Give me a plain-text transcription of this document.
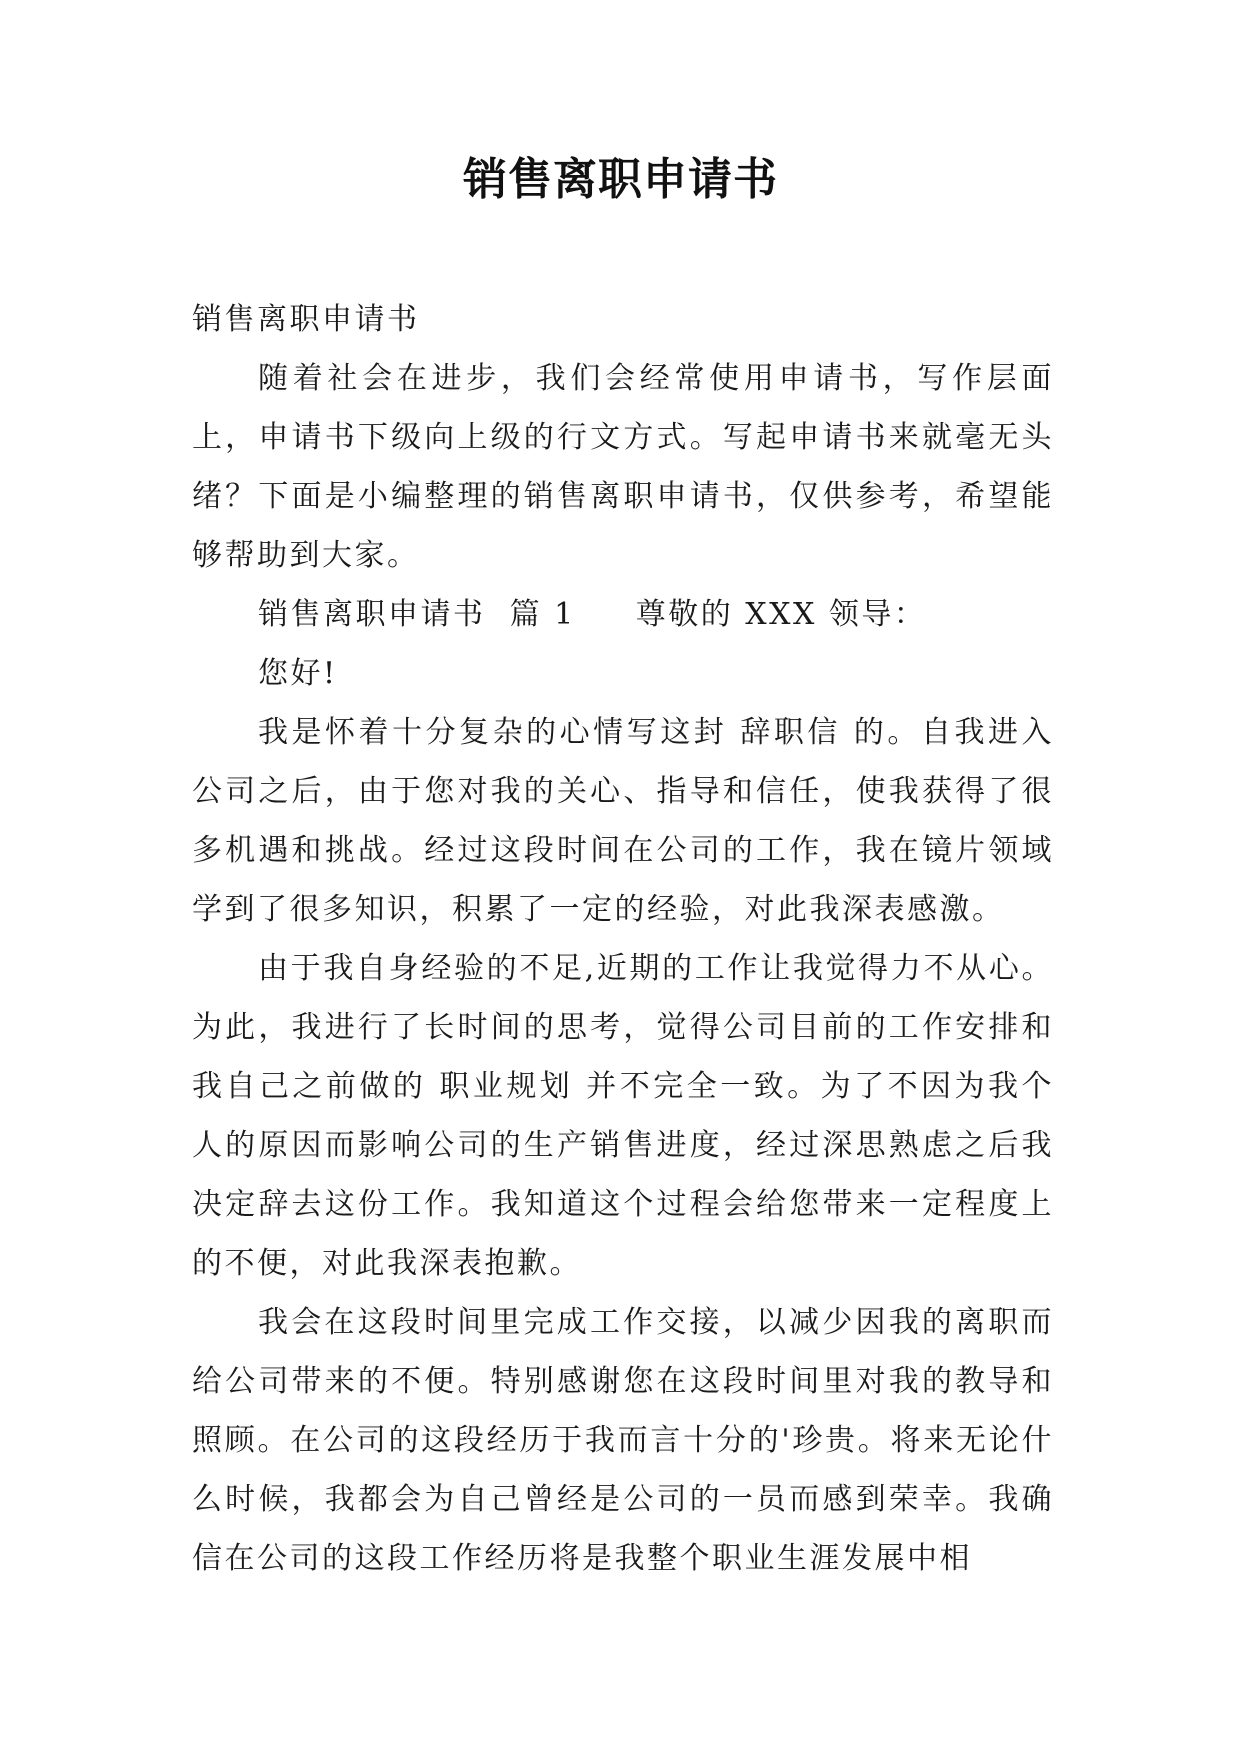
销售离职申请书

销售离职申请书

随着社会在进步，我们会经常使用申请书，写作层面上，申请书下级向上级的行文方式。写起申请书来就毫无头绪？下面是小编整理的销售离职申请书，仅供参考，希望能够帮助到大家。

销售离职申请书  篇 1 尊敬的 XXX 领导：

您好!

我是怀着十分复杂的心情写这封 辞职信 的。自我进入公司之后，由于您对我的关心、指导和信任，使我获得了很多机遇和挑战。经过这段时间在公司的工作，我在镜片领域学到了很多知识，积累了一定的经验，对此我深表感激。

由于我自身经验的不足,近期的工作让我觉得力不从心。为此，我进行了长时间的思考，觉得公司目前的工作安排和我自己之前做的 职业规划 并不完全一致。为了不因为我个人的原因而影响公司的生产销售进度，经过深思熟虑之后我决定辞去这份工作。我知道这个过程会给您带来一定程度上的不便，对此我深表抱歉。

我会在这段时间里完成工作交接，以减少因我的离职而给公司带来的不便。特别感谢您在这段时间里对我的教导和照顾。在公司的这段经历于我而言十分的'珍贵。将来无论什么时候，我都会为自己曾经是公司的一员而感到荣幸。我确信在公司的这段工作经历将是我整个职业生涯发展中相
